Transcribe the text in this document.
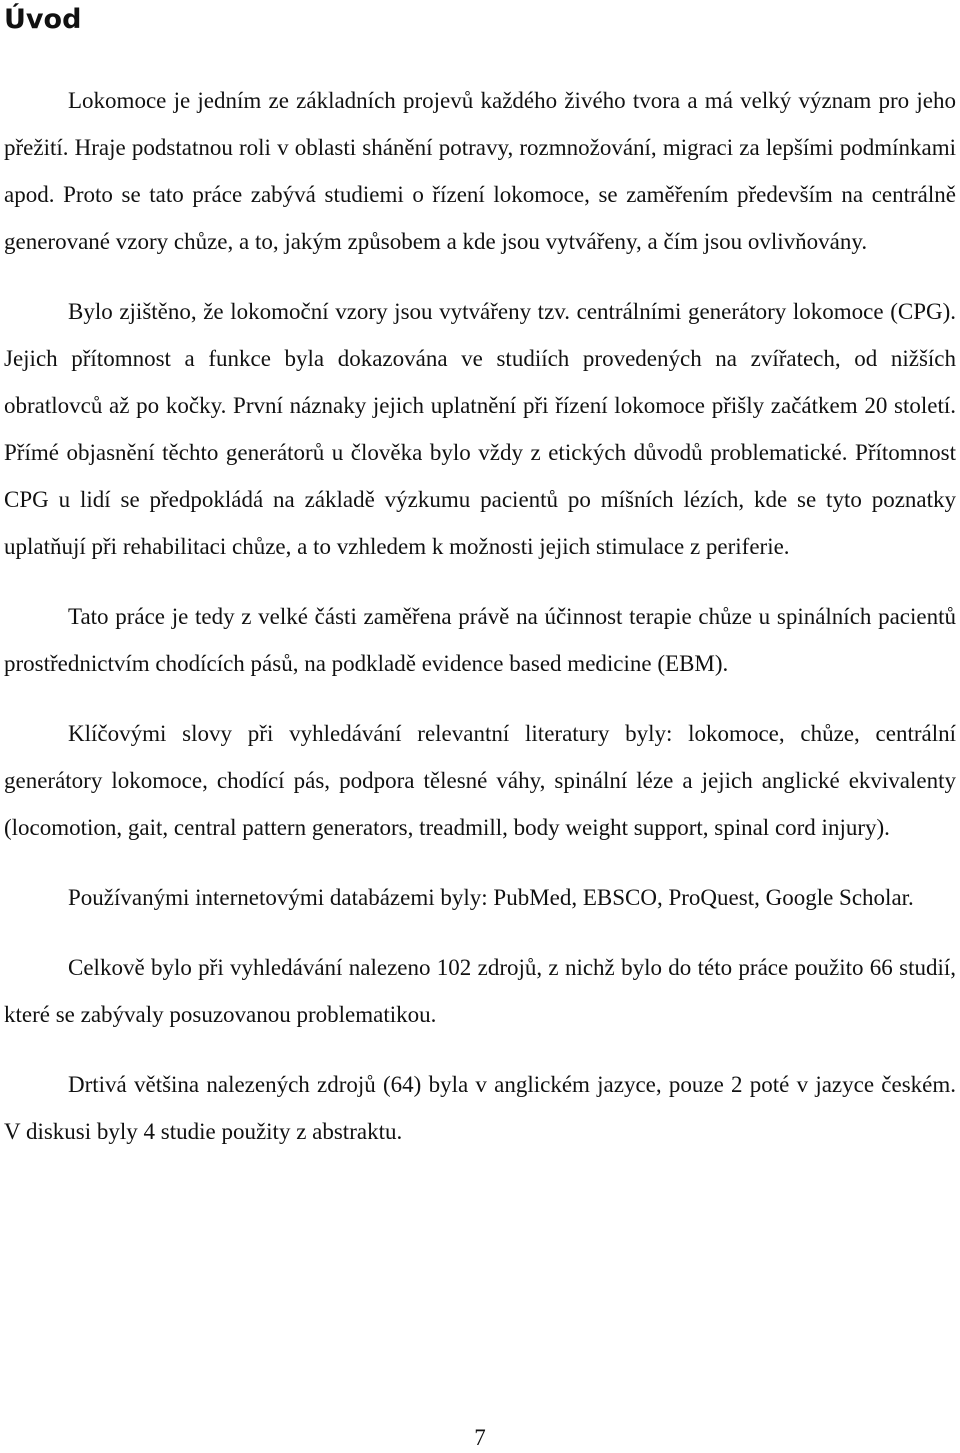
Úvod

Lokomoce je jedním ze základních projevů každého živého tvora a má velký význam pro jeho přežití. Hraje podstatnou roli v oblasti shánění potravy, rozmnožování, migraci za lepšími podmínkami apod. Proto se tato práce zabývá studiemi o řízení lokomoce, se zaměřením především na centrálně generované vzory chůze, a to, jakým způsobem a kde jsou vytvářeny, a čím jsou ovlivňovány.

Bylo zjištěno, že lokomoční vzory jsou vytvářeny tzv. centrálními generátory lokomoce (CPG). Jejich přítomnost a funkce byla dokazována ve studiích provedených na zvířatech, od nižších obratlovců až po kočky. První náznaky jejich uplatnění při řízení lokomoce přišly začátkem 20 století. Přímé objasnění těchto generátorů u člověka bylo vždy z etických důvodů problematické. Přítomnost CPG u lidí se předpokládá na základě výzkumu pacientů po míšních lézích, kde se tyto poznatky uplatňují při rehabilitaci chůze, a to vzhledem k možnosti jejich stimulace z periferie.

Tato práce je tedy z velké části zaměřena právě na účinnost terapie chůze u spinálních pacientů prostřednictvím chodících pásů, na podkladě evidence based medicine (EBM).

Klíčovými slovy při vyhledávání relevantní literatury byly: lokomoce, chůze, centrální generátory lokomoce, chodící pás, podpora tělesné váhy, spinální léze a jejich anglické ekvivalenty (locomotion, gait, central pattern generators, treadmill, body weight support, spinal cord injury).

Používanými internetovými databázemi byly: PubMed, EBSCO, ProQuest, Google Scholar.

Celkově bylo při vyhledávání nalezeno 102 zdrojů, z nichž bylo do této práce použito 66 studií, které se zabývaly posuzovanou problematikou.

Drtivá většina nalezených zdrojů (64) byla v anglickém jazyce, pouze 2 poté v jazyce českém. V diskusi byly 4 studie použity z abstraktu.

7
